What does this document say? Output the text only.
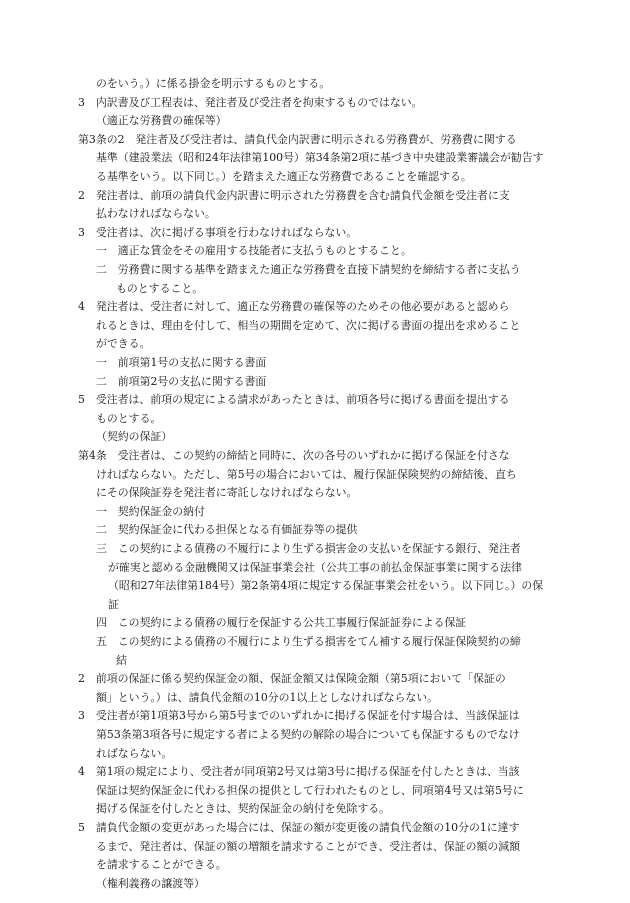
のをいう。）に係る掛金を明示するものとする。
3　内訳書及び工程表は、発注者及び受注者を拘束するものではない。
（適正な労務費の確保等）
第3条の2　発注者及び受注者は、請負代金内訳書に明示される労務費が、労務費に関する
基準（建設業法（昭和24年法律第100号）第34条第2項に基づき中央建設業審議会が勧告す
る基準をいう。以下同じ。）を踏まえた適正な労務費であることを確認する。
2　発注者は、前項の請負代金内訳書に明示された労務費を含む請負代金額を受注者に支
払わなければならない。
3　受注者は、次に掲げる事項を行わなければならない。
一　適正な賃金をその雇用する技能者に支払うものとすること。
二　労務費に関する基準を踏まえた適正な労務費を直接下請契約を締結する者に支払う
ものとすること。
4　発注者は、受注者に対して、適正な労務費の確保等のためその他必要があると認めら
れるときは、理由を付して、相当の期間を定めて、次に掲げる書面の提出を求めること
ができる。
一　前項第1号の支払に関する書面
二　前項第2号の支払に関する書面
5　受注者は、前項の規定による請求があったときは、前項各号に掲げる書面を提出する
ものとする。
（契約の保証）
第4条　受注者は、この契約の締結と同時に、次の各号のいずれかに掲げる保証を付さな
ければならない。ただし、第5号の場合においては、履行保証保険契約の締結後、直ち
にその保険証券を発注者に寄託しなければならない。
一　契約保証金の納付
二　契約保証金に代わる担保となる有価証券等の提供
三　この契約による債務の不履行により生ずる損害金の支払いを保証する銀行、発注者
が確実と認める金融機関又は保証事業会社（公共工事の前払金保証事業に関する法律
（昭和27年法律第184号）第2条第4項に規定する保証事業会社をいう。以下同じ。）の保
証
四　この契約による債務の履行を保証する公共工事履行保証証券による保証
五　この契約による債務の不履行により生ずる損害をてん補する履行保証保険契約の締
結
2　前項の保証に係る契約保証金の額、保証金額又は保険金額（第5項において「保証の
額」という。）は、請負代金額の10分の1以上としなければならない。
3　受注者が第1項第3号から第5号までのいずれかに掲げる保証を付す場合は、当該保証は
第53条第3項各号に規定する者による契約の解除の場合についても保証するものでなけ
ればならない。
4　第1項の規定により、受注者が同項第2号又は第3号に掲げる保証を付したときは、当該
保証は契約保証金に代わる担保の提供として行われたものとし、同項第4号又は第5号に
掲げる保証を付したときは、契約保証金の納付を免除する。
5　請負代金額の変更があった場合には、保証の額が変更後の請負代金額の10分の1に達す
るまで、発注者は、保証の額の増額を請求することができ、受注者は、保証の額の減額
を請求することができる。
（権利義務の譲渡等）
